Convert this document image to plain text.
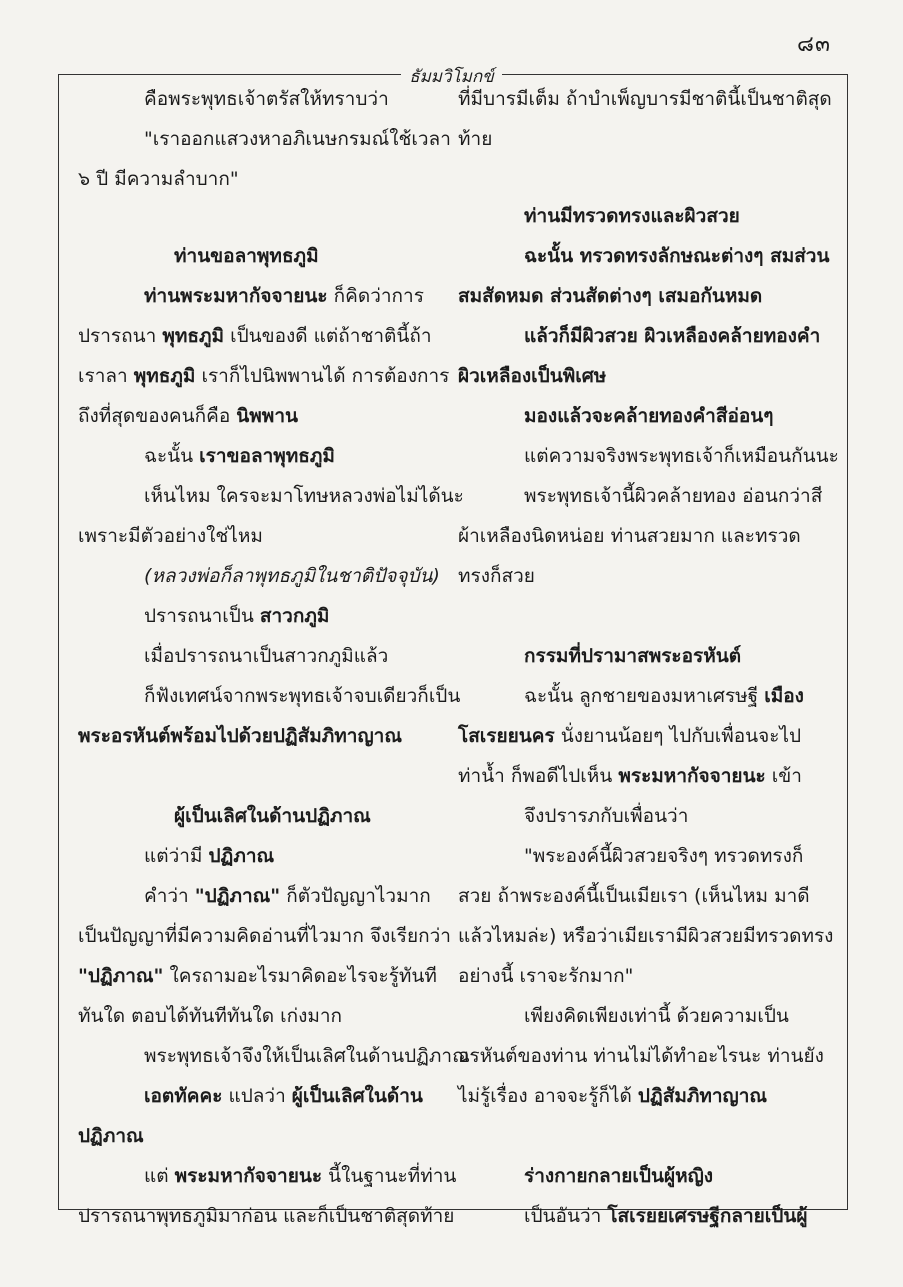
๘๓
ธัมมวิโมกข์
คือพระพุทธเจ้าตรัสให้ทราบว่า
"เราออกแสวงหาอภิเนษกรมณ์ใช้เวลา
๖ ปี มีความลำบาก"
ท่านขอลาพุทธภูมิ
ท่านพระมหากัจจายนะ ก็คิดว่าการ
ปรารถนา พุทธภูมิ เป็นของดี แต่ถ้าชาตินี้ถ้า
เราลา พุทธภูมิ เราก็ไปนิพพานได้ การต้องการ
ถึงที่สุดของคนก็คือ นิพพาน
ฉะนั้น เราขอลาพุทธภูมิ
เห็นไหม ใครจะมาโทษหลวงพ่อไม่ได้นะ
เพราะมีตัวอย่างใช่ไหม
(หลวงพ่อก็ลาพุทธภูมิในชาติปัจจุบัน)
ปรารถนาเป็น สาวกภูมิ
เมื่อปรารถนาเป็นสาวกภูมิแล้ว
ก็ฟังเทศน์จากพระพุทธเจ้าจบเดียวก็เป็น
พระอรหันต์พร้อมไปด้วยปฏิสัมภิทาญาณ
ผู้เป็นเลิศในด้านปฏิภาณ
แต่ว่ามี ปฏิภาณ
คำว่า "ปฏิภาณ" ก็ตัวปัญญาไวมาก
เป็นปัญญาที่มีความคิดอ่านที่ไวมาก จึงเรียกว่า
"ปฏิภาณ" ใครถามอะไรมาคิดอะไรจะรู้ทันที
ทันใด ตอบได้ทันทีทันใด เก่งมาก
พระพุทธเจ้าจึงให้เป็นเลิศในด้านปฏิภาณ
เอตทัคคะ แปลว่า ผู้เป็นเลิศในด้าน
ปฏิภาณ
แต่ พระมหากัจจายนะ นี้ในฐานะที่ท่าน
ปรารถนาพุทธภูมิมาก่อน และก็เป็นชาติสุดท้าย
ที่มีบารมีเต็ม ถ้าบำเพ็ญบารมีชาตินี้เป็นชาติสุด
ท้าย
ท่านมีทรวดทรงและผิวสวย
ฉะนั้น ทรวดทรงลักษณะต่างๆ สมส่วน
สมสัดหมด ส่วนสัดต่างๆ เสมอกันหมด
แล้วก็มีผิวสวย ผิวเหลืองคล้ายทองคำ
ผิวเหลืองเป็นพิเศษ
มองแล้วจะคล้ายทองคำสีอ่อนๆ
แต่ความจริงพระพุทธเจ้าก็เหมือนกันนะ
พระพุทธเจ้านี้ผิวคล้ายทอง อ่อนกว่าสี
ผ้าเหลืองนิดหน่อย ท่านสวยมาก และทรวด
ทรงก็สวย
กรรมที่ปรามาสพระอรหันต์
ฉะนั้น ลูกชายของมหาเศรษฐี เมือง
โสเรยยนคร นั่งยานน้อยๆ ไปกับเพื่อนจะไป
ท่าน้ำ ก็พอดีไปเห็น พระมหากัจจายนะ เข้า
จึงปรารภกับเพื่อนว่า
"พระองค์นี้ผิวสวยจริงๆ ทรวดทรงก็
สวย ถ้าพระองค์นี้เป็นเมียเรา (เห็นไหม มาดี
แล้วไหมล่ะ) หรือว่าเมียเรามีผิวสวยมีทรวดทรง
อย่างนี้ เราจะรักมาก"
เพียงคิดเพียงเท่านี้ ด้วยความเป็น
อรหันต์ของท่าน ท่านไม่ได้ทำอะไรนะ ท่านยัง
ไม่รู้เรื่อง อาจจะรู้ก็ได้ ปฏิสัมภิทาญาณ
ร่างกายกลายเป็นผู้หญิง
เป็นอันว่า โสเรยยเศรษฐีกลายเป็นผู้
